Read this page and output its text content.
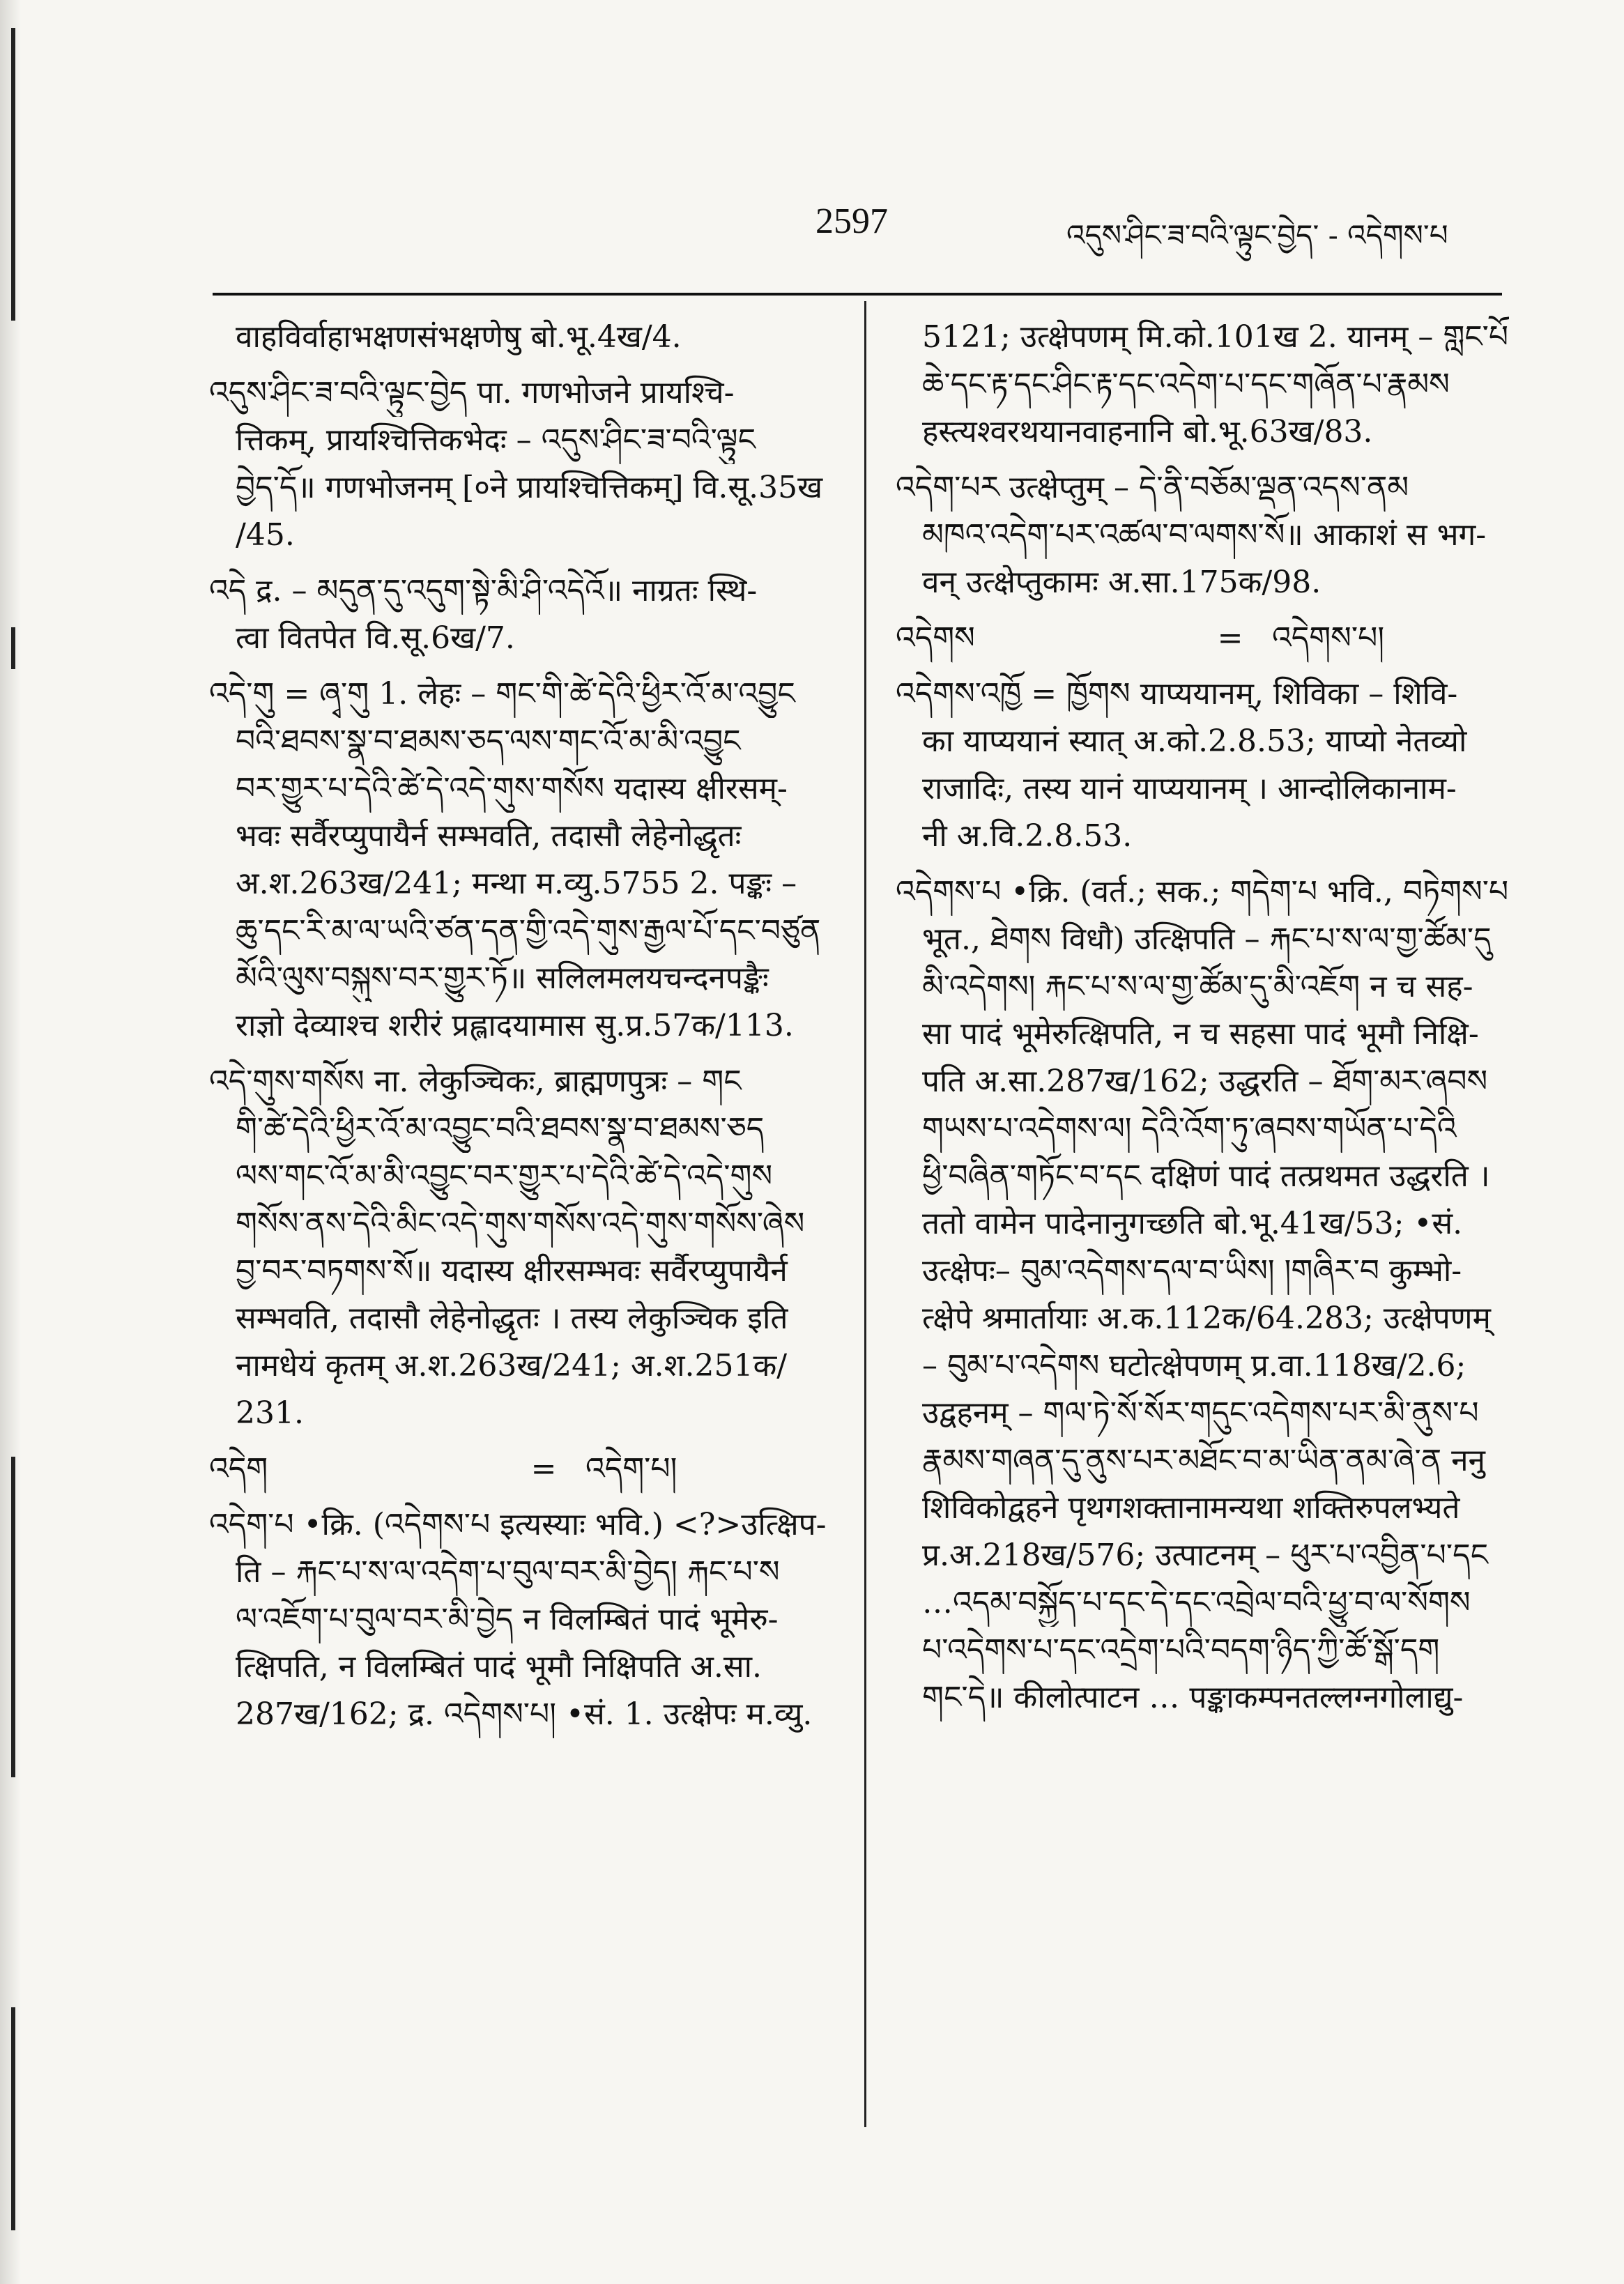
2597	འདུས་ཤིང་ཟ་བའི་ལྟུང་བྱེད་ - འདེགས་པ
वाहविर्वाहाभक्षणसंभक्षणेषु बो.भू.4ख/4.
འདུས་ཤིང་ཟ་བའི་ལྟུང་བྱེད पा. गणभोजने प्रायश्चि-
त्तिकम्, प्रायश्चित्तिकभेदः – འདུས་ཤིང་ཟ་བའི་ལྟུང
བྱེད་དོ॥ गणभोजनम् [०ने प्रायश्चित्तिकम्] वि.सू.35ख
/45.
འདེ द्र. – མདུན་དུ་འདུག་སྟེ་མི་ཤི་འདེའོ॥ नाग्रतः स्थि-
त्वा वितपेत वि.सू.6ख/7.
འདེ་གུ = ཞྭ་གུ 1. लेहः – གང་གི་ཚེ་དེའི་ཕྱིར་འོ་མ་འབྱུང
བའི་ཐབས་སྣ་བ་ཐམས་ཅད་ལས་གང་འོ་མ་མི་འབྱུང
བར་གྱུར་པ་དེའི་ཚེ་དེ་འདེ་གུས་གསོས यदास्य क्षीरसम्-
भवः सर्वैरप्युपायैर्न सम्भवति, तदासौ लेहेनोद्धृतः
अ.श.263ख/241; मन्था म.व्यु.5755 2. पङ्कः –
ཆུ་དང་རི་མ་ལ་ཡའི་ཙན་དན་གྱི་འདེ་གུས་རྒྱལ་པོ་དང་བཙུན
མོའི་ལུས་བསྐུས་བར་གྱུར་ཏོ॥ सलिलमलयचन्दनपङ्कैः
राज्ञो देव्याश्च शरीरं प्रह्लादयामास सु.प्र.57क/113.
འདེ་གུས་གསོས ना. लेकुञ्चिकः, ब्राह्मणपुत्रः – གང
གི་ཚེ་དེའི་ཕྱིར་འོ་མ་འབྱུང་བའི་ཐབས་སྣ་བ་ཐམས་ཅད
ལས་གང་འོ་མ་མི་འབྱུང་བར་གྱུར་པ་དེའི་ཚེ་དེ་འདེ་གུས
གསོས་ནས་དེའི་མིང་འདེ་གུས་གསོས་འདེ་གུས་གསོས་ཞེས
བྱ་བར་བཏགས་སོ॥ यदास्य क्षीरसम्भवः सर्वैरप्युपायैर्न
सम्भवति, तदासौ लेहेनोद्धृतः । तस्य लेकुञ्चिक इति
नामधेयं कृतम् अ.श.263ख/241; अ.श.251क/
231.
འདེག	= འདེག་པ།
འདེག་པ •क्रि. (འདེགས་པ इत्यस्याः भवि.) <?>उत्क्षिप-
ति – རྐང་པ་ས་ལ་འདེག་པ་བུལ་བར་མི་བྱེད། རྐང་པ་ས
ལ་འཇོག་པ་བུལ་བར་མི་བྱེད न विलम्बितं पादं भूमेरु-
त्क्षिपति, न विलम्बितं पादं भूमौ निक्षिपति अ.सा.
287ख/162; द्र. འདེགས་པ། •सं. 1. उत्क्षेपः म.व्यु.
5121; उत्क्षेपणम् मि.को.101ख 2. यानम् – གླང་པོ
ཆེ་དང་རྟ་དང་ཤིང་རྟ་དང་འདེག་པ་དང་གཞོན་པ་རྣམས
हस्त्यश्वरथयानवाहनानि बो.भू.63ख/83.
འདེག་པར उत्क्षेप्तुम् – དེ་ནི་བཅོམ་ལྡན་འདས་ནམ
མཁའ་འདེག་པར་འཚལ་བ་ལགས་སོ॥ आकाशं स भग-
वन् उत्क्षेप्तुकामः अ.सा.175क/98.
འདེགས	= འདེགས་པ།
འདེགས་འཁྱོ = ཁྱོགས याप्ययानम्, शिविका – शिवि-
का याप्ययानं स्यात् अ.को.2.8.53; याप्यो नेतव्यो
राजादिः, तस्य यानं याप्ययानम् । आन्दोलिकानाम-
नी अ.वि.2.8.53.
འདེགས་པ •क्रि. (वर्त.; सक.; གདེག་པ भवि., བཏེགས་པ
भूत., ཐེགས विधौ) उत्क्षिपति – རྐང་པ་ས་ལ་གྱ་ཚོམ་དུ
མི་འདེགས། རྐང་པ་ས་ལ་གྱ་ཚོམ་དུ་མི་འཇོག न च सह-
सा पादं भूमेरुत्क्षिपति, न च सहसा पादं भूमौ निक्षि-
पति अ.सा.287ख/162; उद्धरति – ཐོག་མར་ཞབས
གཡས་པ་འདེགས་ལ། དེའི་འོག་ཏུ་ཞབས་གཡོན་པ་དེའི
ཕྱི་བཞིན་གཏོང་བ་དང दक्षिणं पादं तत्प्रथमत उद्धरति ।
ततो वामेन पादेनानुगच्छति बो.भू.41ख/53; •सं.
उत्क्षेपः– བུམ་འདེགས་དལ་བ་ཡིས། །གཞིར་བ कुम्भो-
त्क्षेपे श्रमार्तायाः अ.क.112क/64.283; उत्क्षेपणम्
– བུམ་པ་འདེགས घटोत्क्षेपणम् प्र.वा.118ख/2.6;
उद्वहनम् – གལ་ཏེ་སོ་སོར་གདུང་འདེགས་པར་མི་ནུས་པ
རྣམས་གཞན་དུ་ནུས་པར་མཐོང་བ་མ་ཡིན་ནམ་ཞེ་ན ननु
शिविकोद्वहने पृथगशक्तानामन्यथा शक्तिरुपलभ्यते
प्र.अ.218ख/576; उत्पाटनम् – ཕུར་པ་འབྱིན་པ་དང
…འདམ་བསྐྱོད་པ་དང་དེ་དང་འབྲེལ་བའི་ཕྱུ་བ་ལ་སོགས
པ་འདེགས་པ་དང་འདྲེག་པའི་བདག་ཉིད་ཀྱི་ཚོ་སྒོ་དག
གང་དེ॥ कीलोत्पाटन … पङ्काकम्पनतल्लग्नगोलाद्यु-
